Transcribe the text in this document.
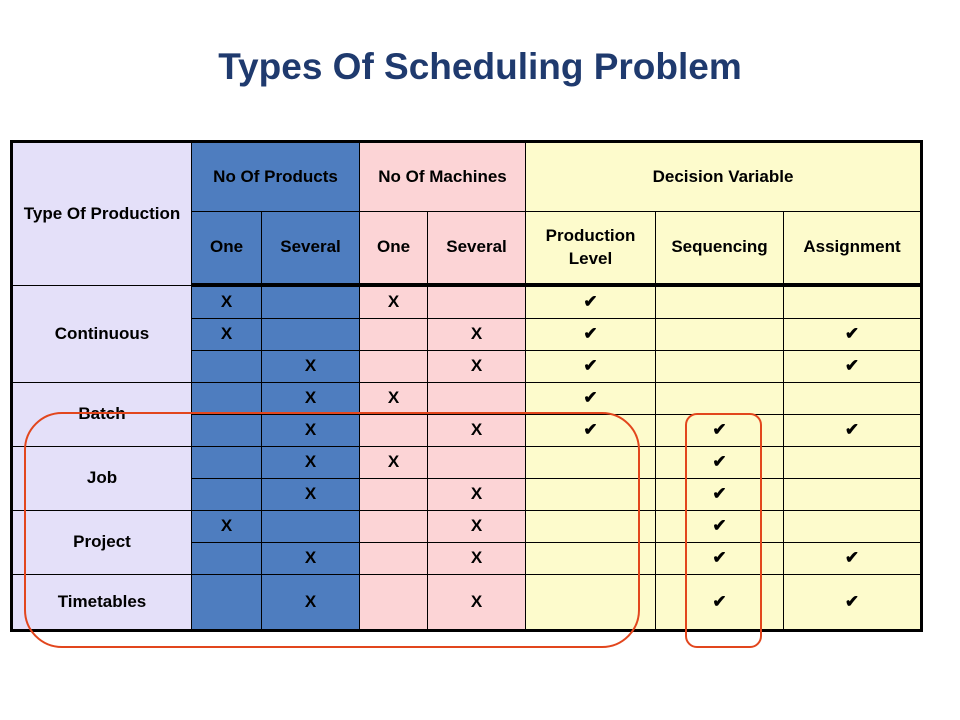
Types Of Scheduling Problem
Type Of Production	No Of Products		No Of Machines		Decision Variable		
	One	Several	One	Several	Production Level	Sequencing	Assignment
Continuous	X		X		✔		
	X			X	✔		✔
		X		X	✔		✔
Batch		X	X		✔		
		X		X	✔	✔	✔
Job		X	X			✔	
		X		X		✔	
Project	X			X		✔	
		X		X		✔	✔
Timetables		X		X		✔	✔
